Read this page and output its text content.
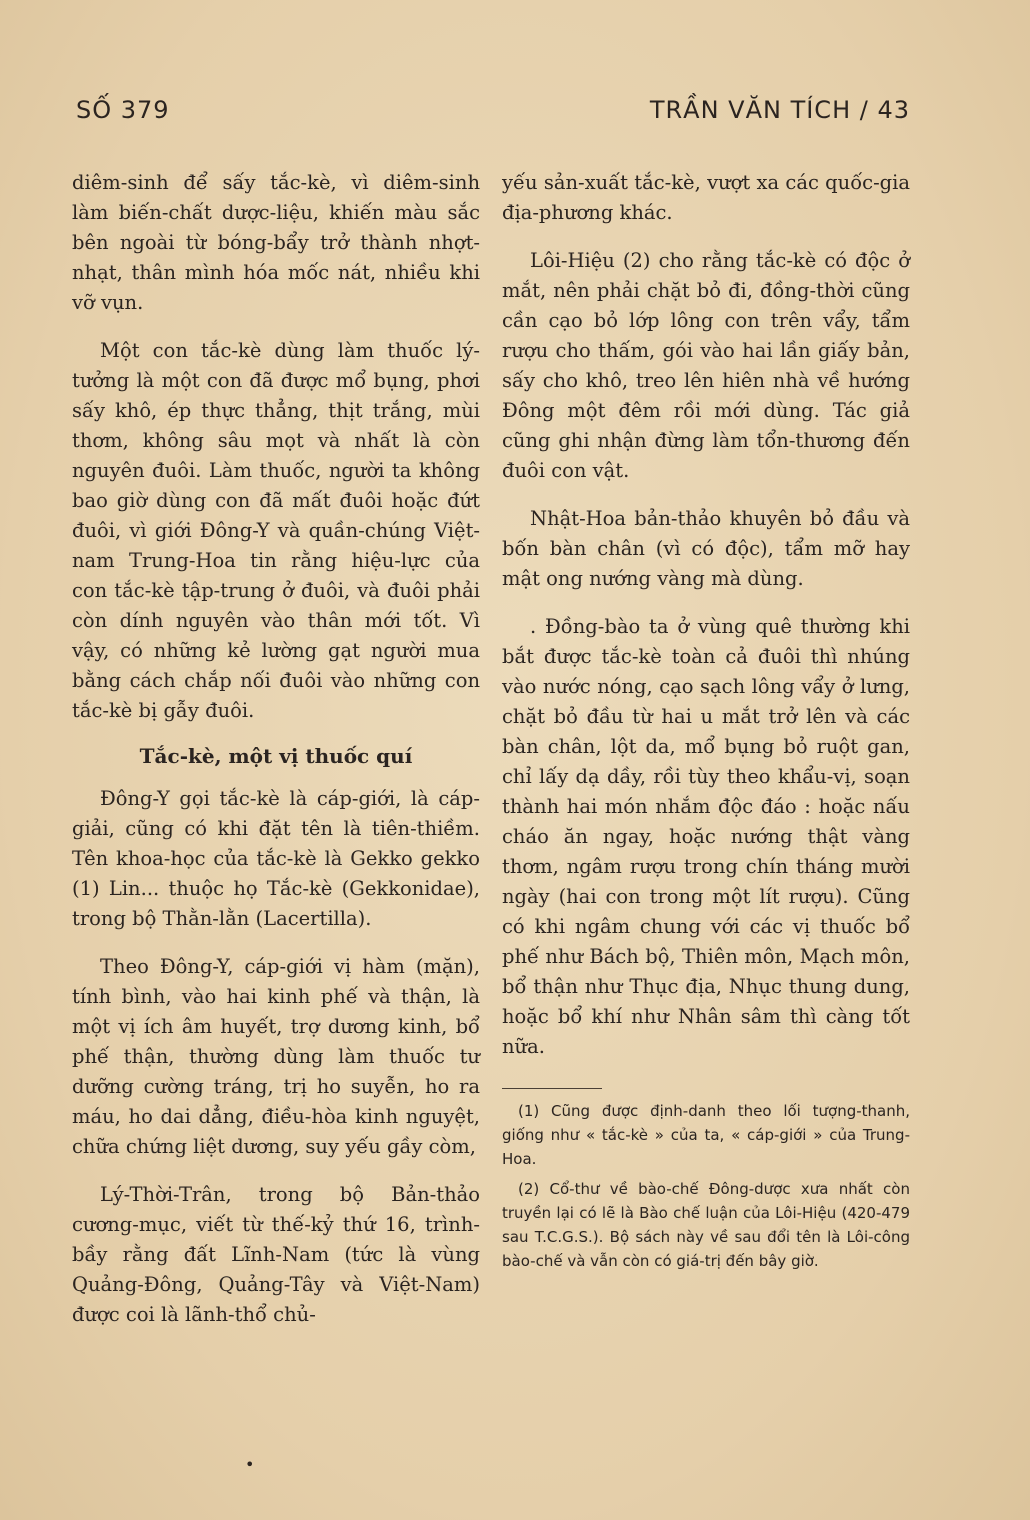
SỐ 379	TRẦN VĂN TÍCH / 43

diêm-sinh để sấy tắc-kè, vì diêm-sinh làm biến-chất dược-liệu, khiến màu sắc bên ngoài từ bóng-bẩy trở thành nhợt-nhạt, thân mình hóa mốc nát, nhiều khi vỡ vụn.

Một con tắc-kè dùng làm thuốc lý-tưởng là một con đã được mổ bụng, phơi sấy khô, ép thực thẳng, thịt trắng, mùi thơm, không sâu mọt và nhất là còn nguyên đuôi. Làm thuốc, người ta không bao giờ dùng con đã mất đuôi hoặc đứt đuôi, vì giới Đông-Y và quần-chúng Việt-nam Trung-Hoa tin rằng hiệu-lực của con tắc-kè tập-trung ở đuôi, và đuôi phải còn dính nguyên vào thân mới tốt. Vì vậy, có những kẻ lường gạt người mua bằng cách chắp nối đuôi vào những con tắc-kè bị gẫy đuôi.

Tắc-kè, một vị thuốc quí

Đông-Y gọi tắc-kè là cáp-giới, là cáp-giải, cũng có khi đặt tên là tiên-thiềm. Tên khoa-học của tắc-kè là Gekko gekko (1) Lin... thuộc họ Tắc-kè (Gekkonidae), trong bộ Thằn-lằn (Lacertilla).

Theo Đông-Y, cáp-giới vị hàm (mặn), tính bình, vào hai kinh phế và thận, là một vị ích âm huyết, trợ dương kinh, bổ phế thận, thường dùng làm thuốc tư dưỡng cường tráng, trị ho suyễn, ho ra máu, ho dai dẳng, điều-hòa kinh nguyệt, chữa chứng liệt dương, suy yếu gầy còm,

Lý-Thời-Trân, trong bộ Bản-thảo cương-mục, viết từ thế-kỷ thứ 16, trình-bầy rằng đất Lĩnh-Nam (tức là vùng Quảng-Đông, Quảng-Tây và Việt-Nam) được coi là lãnh-thổ chủ-

yếu sản-xuất tắc-kè, vượt xa các quốc-gia địa-phương khác.

Lôi-Hiệu (2) cho rằng tắc-kè có độc ở mắt, nên phải chặt bỏ đi, đồng-thời cũng cần cạo bỏ lớp lông con trên vẩy, tẩm rượu cho thấm, gói vào hai lần giấy bản, sấy cho khô, treo lên hiên nhà về hướng Đông một đêm rồi mới dùng. Tác giả cũng ghi nhận đừng làm tổn-thương đến đuôi con vật.

Nhật-Hoa bản-thảo khuyên bỏ đầu và bốn bàn chân (vì có độc), tẩm mỡ hay mật ong nướng vàng mà dùng.

. Đồng-bào ta ở vùng quê thường khi bắt được tắc-kè toàn cả đuôi thì nhúng vào nước nóng, cạo sạch lông vẩy ở lưng, chặt bỏ đầu từ hai u mắt trở lên và các bàn chân, lột da, mổ bụng bỏ ruột gan, chỉ lấy dạ dầy, rồi tùy theo khẩu-vị, soạn thành hai món nhắm độc đáo : hoặc nấu cháo ăn ngay, hoặc nướng thật vàng thơm, ngâm rượu trong chín tháng mười ngày (hai con trong một lít rượu). Cũng có khi ngâm chung với các vị thuốc bổ phế như Bách bộ, Thiên môn, Mạch môn, bổ thận như Thục địa, Nhục thung dung, hoặc bổ khí như Nhân sâm thì càng tốt nữa.

(1) Cũng được định-danh theo lối tượng-thanh, giống như « tắc-kè » của ta, « cáp-giới » của Trung-Hoa.

(2) Cổ-thư về bào-chế Đông-dược xưa nhất còn truyền lại có lẽ là Bào chế luận của Lôi-Hiệu (420-479 sau T.C.G.S.). Bộ sách này về sau đổi tên là Lôi-công bào-chế và vẫn còn có giá-trị đến bây giờ.

•
